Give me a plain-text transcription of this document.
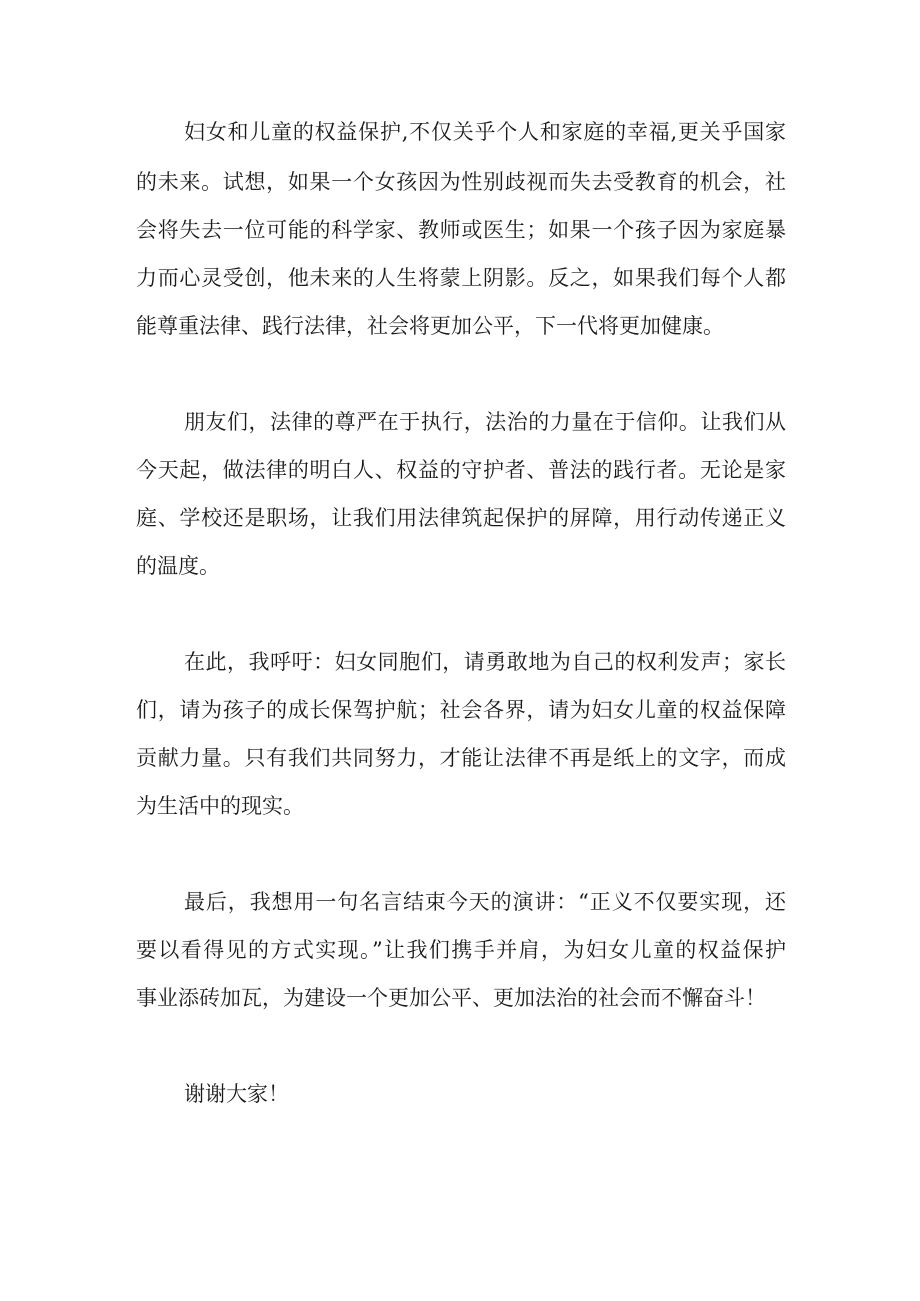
妇女和儿童的权益保护,不仅关乎个人和家庭的幸福,更关乎国家
的未来。试想，如果一个女孩因为性别歧视而失去受教育的机会，社
会将失去一位可能的科学家、教师或医生；如果一个孩子因为家庭暴
力而心灵受创，他未来的人生将蒙上阴影。反之，如果我们每个人都
能尊重法律、践行法律，社会将更加公平，下一代将更加健康。
朋友们，法律的尊严在于执行，法治的力量在于信仰。让我们从
今天起，做法律的明白人、权益的守护者、普法的践行者。无论是家
庭、学校还是职场，让我们用法律筑起保护的屏障，用行动传递正义
的温度。
在此，我呼吁：妇女同胞们，请勇敢地为自己的权利发声；家长
们，请为孩子的成长保驾护航；社会各界，请为妇女儿童的权益保障
贡献力量。只有我们共同努力，才能让法律不再是纸上的文字，而成
为生活中的现实。
最后，我想用一句名言结束今天的演讲：“正义不仅要实现，还
要以看得见的方式实现。”让我们携手并肩，为妇女儿童的权益保护
事业添砖加瓦，为建设一个更加公平、更加法治的社会而不懈奋斗！
谢谢大家！
